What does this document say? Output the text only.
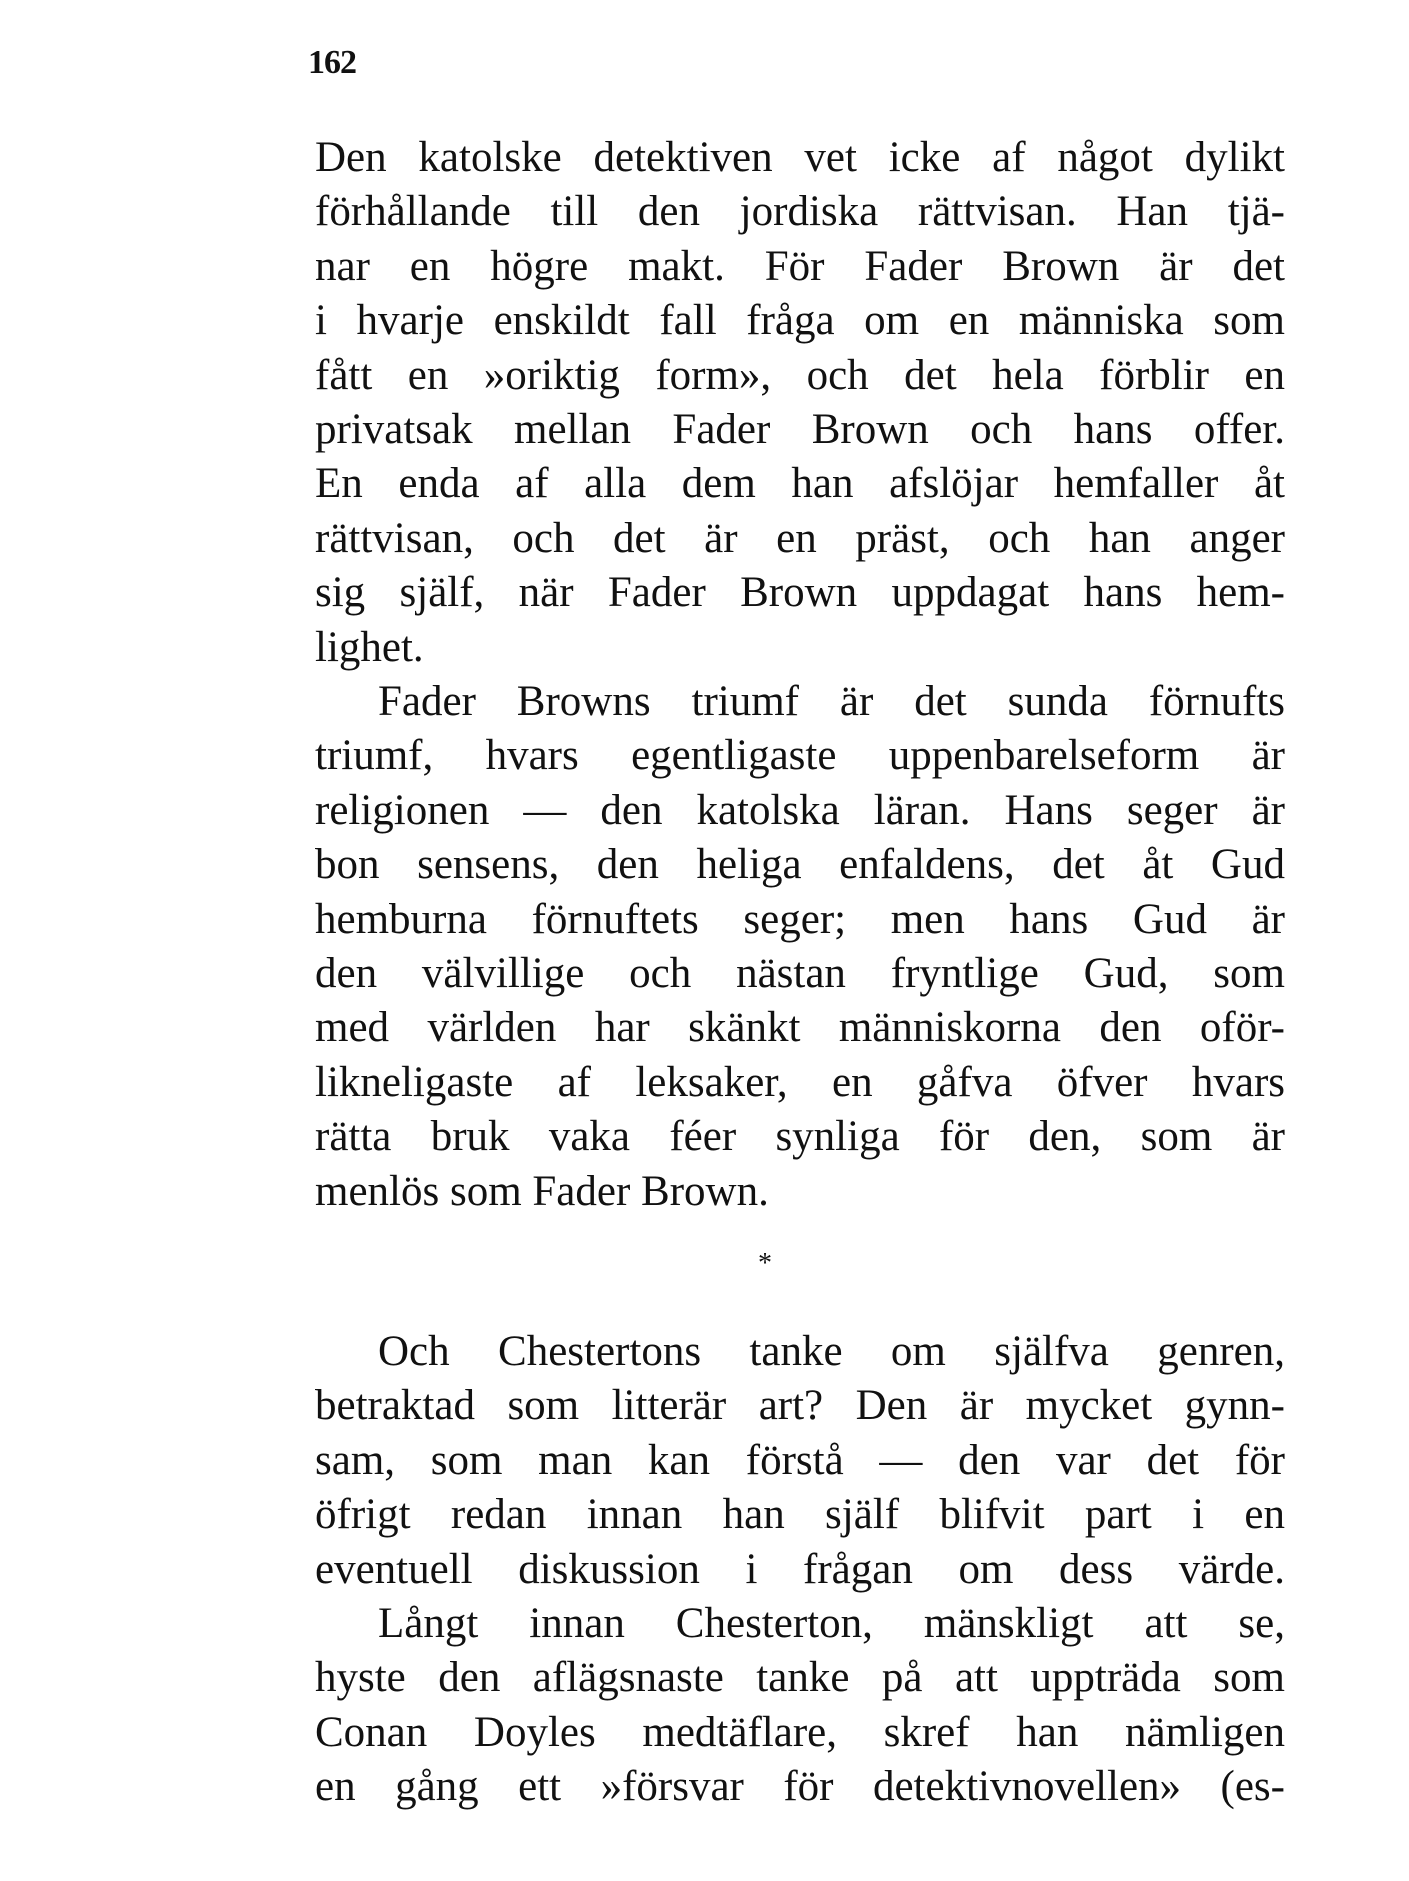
162
Den katolske detektiven vet icke af något dylikt
förhållande till den jordiska rättvisan. Han tjä-
nar en högre makt. För Fader Brown är det
i hvarje enskildt fall fråga om en människa som
fått en »oriktig form», och det hela förblir en
privatsak mellan Fader Brown och hans offer.
En enda af alla dem han afslöjar hemfaller åt
rättvisan, och det är en präst, och han anger
sig själf, när Fader Brown uppdagat hans hem-
lighet.
Fader Browns triumf är det sunda förnufts
triumf, hvars egentligaste uppenbarelseform är
religionen — den katolska läran. Hans seger är
bon sensens, den heliga enfaldens, det åt Gud
hemburna förnuftets seger; men hans Gud är
den välvillige och nästan fryntlige Gud, som
med världen har skänkt människorna den oför-
likneligaste af leksaker, en gåfva öfver hvars
rätta bruk vaka féer synliga för den, som är
menlös som Fader Brown.
*
Och Chestertons tanke om själfva genren,
betraktad som litterär art? Den är mycket gynn-
sam, som man kan förstå — den var det för
öfrigt redan innan han själf blifvit part i en
eventuell diskussion i frågan om dess värde.
Långt innan Chesterton, mänskligt att se,
hyste den aflägsnaste tanke på att uppträda som
Conan Doyles medtäflare, skref han nämligen
en gång ett »försvar för detektivnovellen» (es-
